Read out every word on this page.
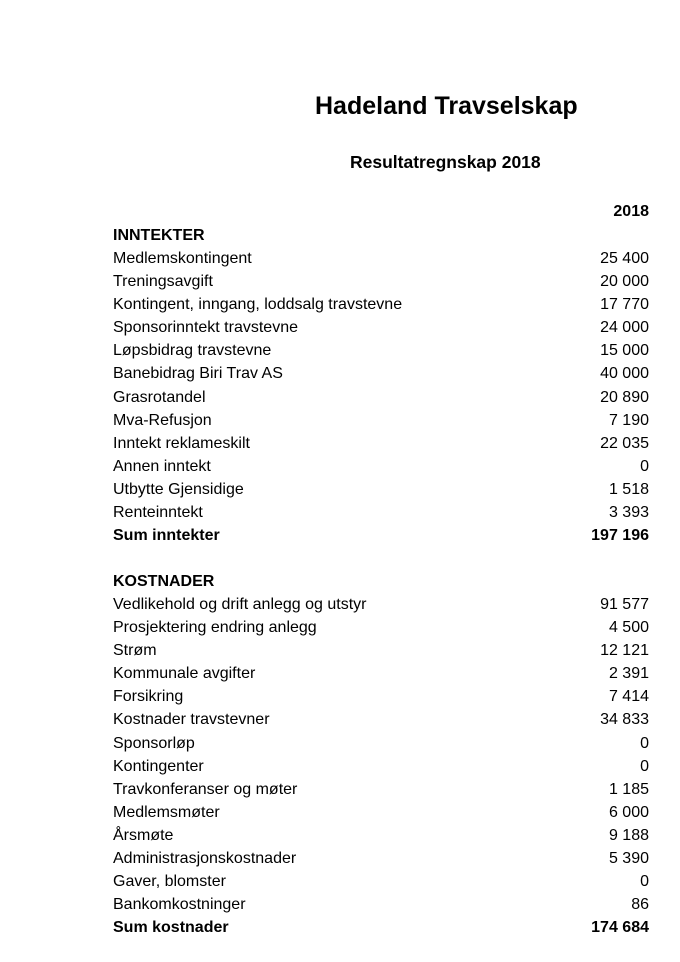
Hadeland Travselskap
Resultatregnskap 2018
2018
INNTEKTER
Medlemskontingent	25 400
Treningsavgift	20 000
Kontingent, inngang, loddsalg travstevne	17 770
Sponsorinntekt travstevne	24 000
Løpsbidrag travstevne	15 000
Banebidrag Biri Trav AS	40 000
Grasrotandel	20 890
Mva-Refusjon	7 190
Inntekt reklameskilt	22 035
Annen inntekt	0
Utbytte Gjensidige	1 518
Renteinntekt	3 393
Sum inntekter	197 196
KOSTNADER
Vedlikehold og drift anlegg og utstyr	91 577
Prosjektering endring anlegg	4 500
Strøm	12 121
Kommunale avgifter	2 391
Forsikring	7 414
Kostnader travstevner	34 833
Sponsorløp	0
Kontingenter	0
Travkonferanser og møter	1 185
Medlemsmøter	6 000
Årsmøte	9 188
Administrasjonskostnader	5 390
Gaver, blomster	0
Bankomkostninger	86
Sum kostnader	174 684
